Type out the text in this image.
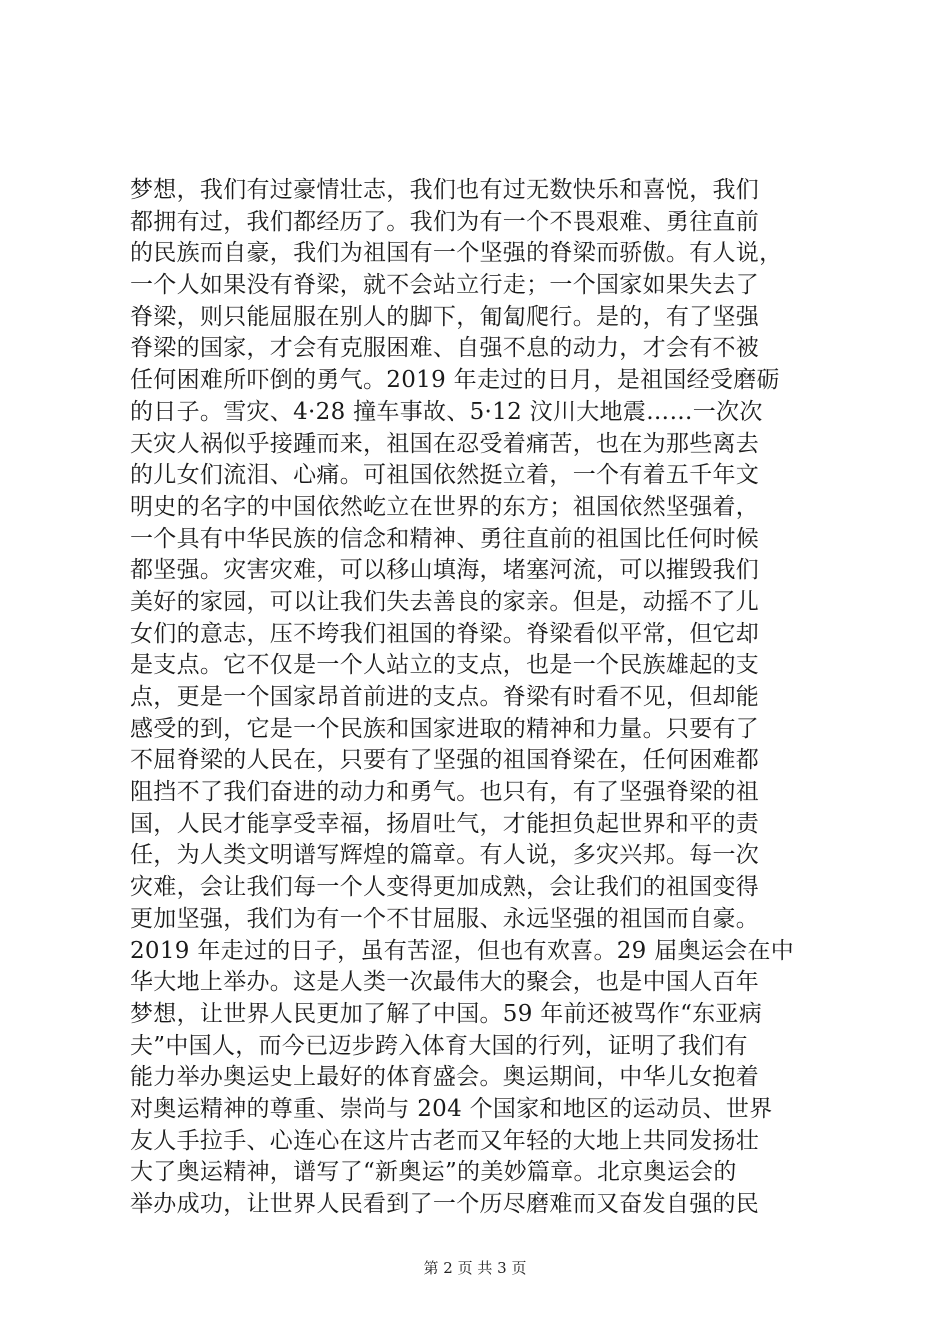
梦想，我们有过豪情壮志，我们也有过无数快乐和喜悦，我们
都拥有过，我们都经历了。我们为有一个不畏艰难、勇往直前
的民族而自豪，我们为祖国有一个坚强的脊梁而骄傲。有人说，
一个人如果没有脊梁，就不会站立行走；一个国家如果失去了
脊梁，则只能屈服在别人的脚下，匍匐爬行。是的，有了坚强
脊梁的国家，才会有克服困难、自强不息的动力，才会有不被
任何困难所吓倒的勇气。2019 年走过的日月，是祖国经受磨砺
的日子。雪灾、4·28 撞车事故、5·12 汶川大地震……一次次
天灾人祸似乎接踵而来，祖国在忍受着痛苦，也在为那些离去
的儿女们流泪、心痛。可祖国依然挺立着，一个有着五千年文
明史的名字的中国依然屹立在世界的东方；祖国依然坚强着，
一个具有中华民族的信念和精神、勇往直前的祖国比任何时候
都坚强。灾害灾难，可以移山填海，堵塞河流，可以摧毁我们
美好的家园，可以让我们失去善良的家亲。但是，动摇不了儿
女们的意志，压不垮我们祖国的脊梁。脊梁看似平常，但它却
是支点。它不仅是一个人站立的支点，也是一个民族雄起的支
点，更是一个国家昂首前进的支点。脊梁有时看不见，但却能
感受的到，它是一个民族和国家进取的精神和力量。只要有了
不屈脊梁的人民在，只要有了坚强的祖国脊梁在，任何困难都
阻挡不了我们奋进的动力和勇气。也只有，有了坚强脊梁的祖
国，人民才能享受幸福，扬眉吐气，才能担负起世界和平的责
任，为人类文明谱写辉煌的篇章。有人说，多灾兴邦。每一次
灾难，会让我们每一个人变得更加成熟，会让我们的祖国变得
更加坚强，我们为有一个不甘屈服、永远坚强的祖国而自豪。
2019 年走过的日子，虽有苦涩，但也有欢喜。29 届奥运会在中
华大地上举办。这是人类一次最伟大的聚会，也是中国人百年
梦想，让世界人民更加了解了中国。59 年前还被骂作“东亚病
夫”中国人，而今已迈步跨入体育大国的行列，证明了我们有
能力举办奥运史上最好的体育盛会。奥运期间，中华儿女抱着
对奥运精神的尊重、崇尚与 204 个国家和地区的运动员、世界
友人手拉手、心连心在这片古老而又年轻的大地上共同发扬壮
大了奥运精神，谱写了“新奥运”的美妙篇章。北京奥运会的
举办成功，让世界人民看到了一个历尽磨难而又奋发自强的民
第 2 页 共 3 页
